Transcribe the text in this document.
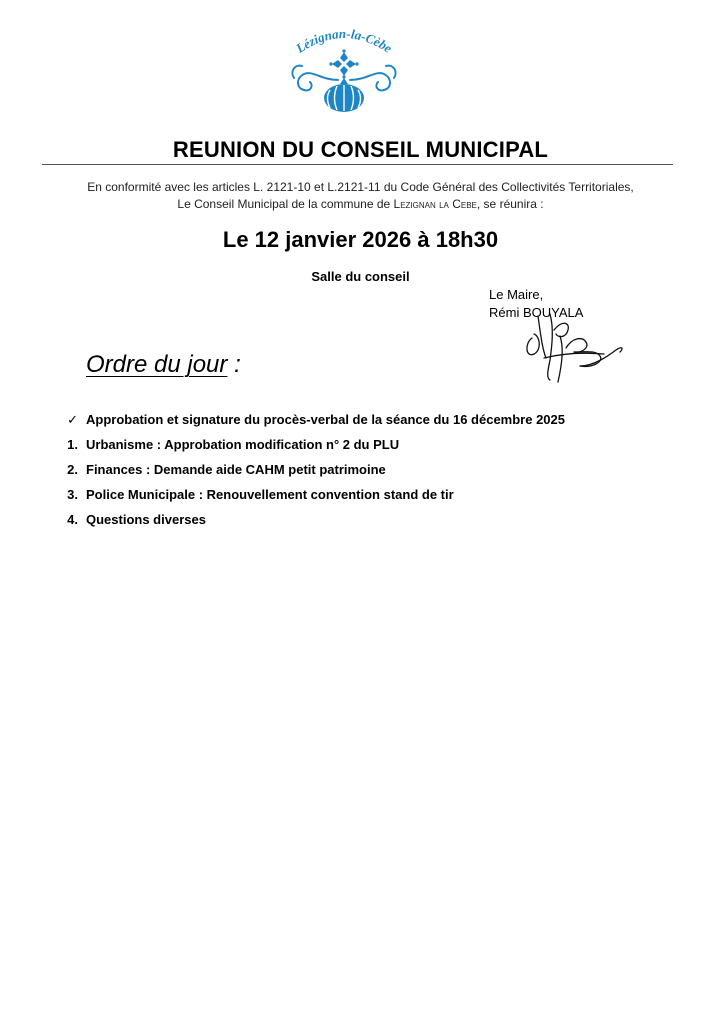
Lézignan-la-Cèbe
REUNION DU CONSEIL MUNICIPAL
En conformité avec les articles L. 2121-10 et L.2121-11 du Code Général des Collectivités Territoriales,
Le Conseil Municipal de la commune de Lezignan la Cebe, se réunira :
Le 12 janvier 2026 à 18h30
Salle du conseil
Le Maire,
Rémi BOUYALA
Ordre du jour :
✓ Approbation et signature du procès-verbal de la séance du 16 décembre 2025
1. Urbanisme : Approbation modification n° 2 du PLU
2. Finances : Demande aide CAHM petit patrimoine
3. Police Municipale : Renouvellement convention stand de tir
4. Questions diverses
